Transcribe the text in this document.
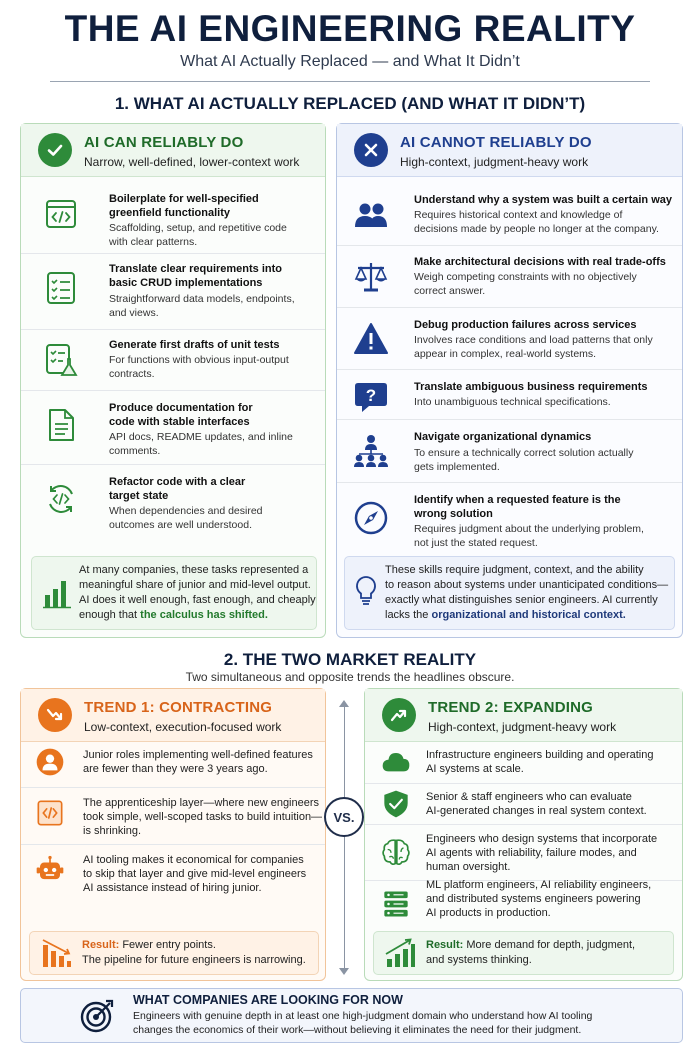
THE AI ENGINEERING REALITY
What AI Actually Replaced — and What It Didn’t
1. WHAT AI ACTUALLY REPLACED (AND WHAT IT DIDN’T)
AI CAN RELIABLY DO
Narrow, well-defined, lower-context work
Boilerplate for well-specified
greenfield functionality
Scaffolding, setup, and repetitive code
with clear patterns.
Translate clear requirements into
basic CRUD implementations
Straightforward data models, endpoints,
and views.
Generate first drafts of unit tests
For functions with obvious input-output
contracts.
Produce documentation for
code with stable interfaces
API docs, README updates, and inline
comments.
Refactor code with a clear
target state
When dependencies and desired
outcomes are well understood.
At many companies, these tasks represented a
meaningful share of junior and mid-level output.
AI does it well enough, fast enough, and cheaply
enough that the calculus has shifted.
AI CANNOT RELIABLY DO
High-context, judgment-heavy work
Understand why a system was built a certain way
Requires historical context and knowledge of
decisions made by people no longer at the company.
Make architectural decisions with real trade-offs
Weigh competing constraints with no objectively
correct answer.
Debug production failures across services
Involves race conditions and load patterns that only
appear in complex, real-world systems.
?	Translate ambiguous business requirements
Into unambiguous technical specifications.
Navigate organizational dynamics
To ensure a technically correct solution actually
gets implemented.
Identify when a requested feature is the
wrong solution
Requires judgment about the underlying problem,
not just the stated request.
These skills require judgment, context, and the ability
to reason about systems under unanticipated conditions—
exactly what distinguishes senior engineers. AI currently
lacks the organizational and historical context.
2. THE TWO MARKET REALITY
Two simultaneous and opposite trends the headlines obscure.
TREND 1: CONTRACTING
Low-context, execution-focused work
Junior roles implementing well-defined features
are fewer than they were 3 years ago.
The apprenticeship layer—where new engineers
took simple, well-scoped tasks to build intuition—
is shrinking.
AI tooling makes it economical for companies
to skip that layer and give mid-level engineers
AI assistance instead of hiring junior.
Result: Fewer entry points.
The pipeline for future engineers is narrowing.
VS.
TREND 2: EXPANDING
High-context, judgment-heavy work
Infrastructure engineers building and operating
AI systems at scale.
Senior & staff engineers who can evaluate
AI-generated changes in real system context.
Engineers who design systems that incorporate
AI agents with reliability, failure modes, and
human oversight.
ML platform engineers, AI reliability engineers,
and distributed systems engineers powering
AI products in production.
Result: More demand for depth, judgment,
and systems thinking.
WHAT COMPANIES ARE LOOKING FOR NOW
Engineers with genuine depth in at least one high-judgment domain who understand how AI tooling
changes the economics of their work—without believing it eliminates the need for their judgment.
